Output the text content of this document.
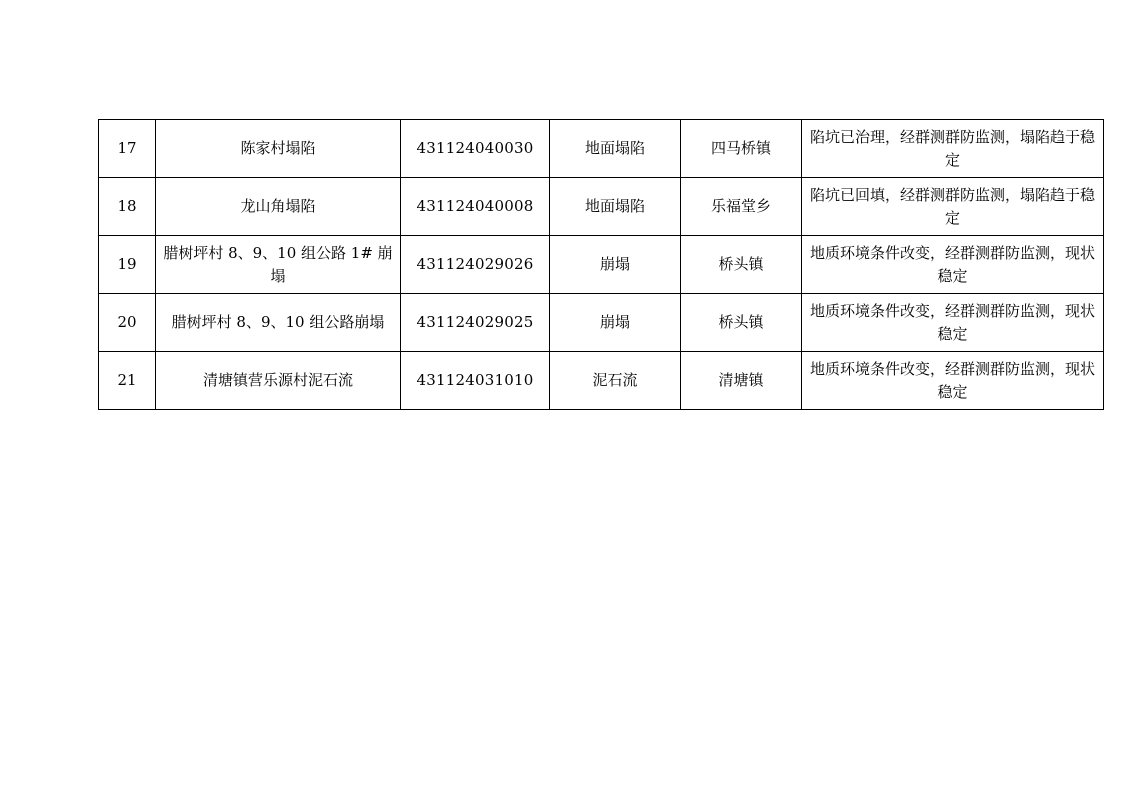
17	陈家村塌陷	431124040030	地面塌陷	四马桥镇	陷坑已治理，经群测群防监测，塌陷趋于稳定

18	龙山角塌陷	431124040008	地面塌陷	乐福堂乡	陷坑已回填，经群测群防监测，塌陷趋于稳定

19	腊树坪村 8、9、10 组公路 1# 崩塌	431124029026	崩塌	桥头镇	地质环境条件改变，经群测群防监测，现状稳定

20	腊树坪村 8、9、10 组公路崩塌	431124029025	崩塌	桥头镇	地质环境条件改变，经群测群防监测，现状稳定

21	清塘镇营乐源村泥石流	431124031010	泥石流	清塘镇	地质环境条件改变，经群测群防监测，现状稳定
